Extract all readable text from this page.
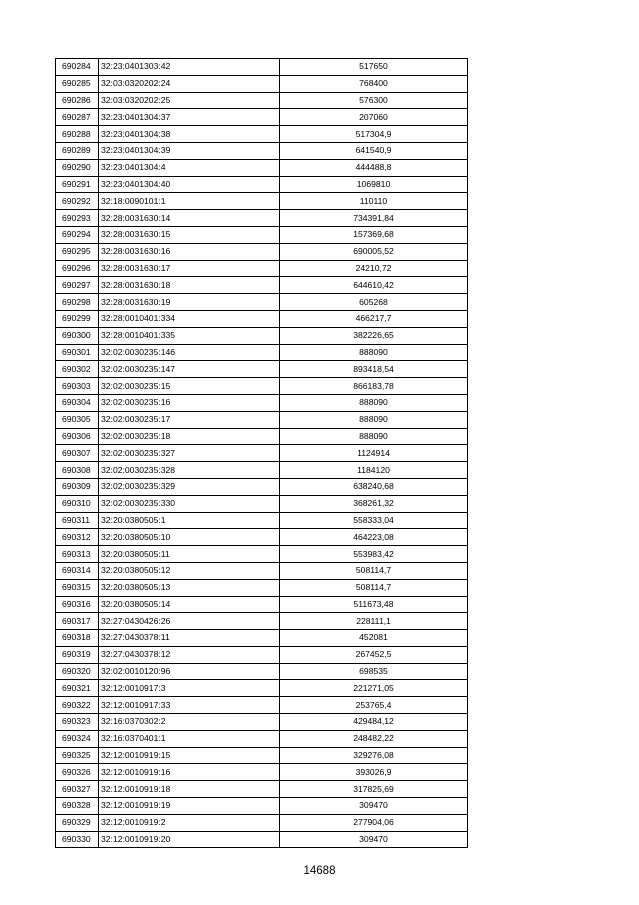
690284	32:23:0401303:42	517650
690285	32:03:0320202:24	768400
690286	32:03:0320202:25	576300
690287	32:23:0401304:37	207060
690288	32:23:0401304:38	517304,9
690289	32:23:0401304:39	641540,9
690290	32:23:0401304:4	444488,8
690291	32:23:0401304:40	1069810
690292	32:18:0090101:1	110110
690293	32:28:0031630:14	734391,84
690294	32:28:0031630:15	157369,68
690295	32:28:0031630:16	690005,52
690296	32:28:0031630:17	24210,72
690297	32:28:0031630:18	644610,42
690298	32:28:0031630:19	605268
690299	32:28:0010401:334	466217,7
690300	32:28:0010401:335	382226,65
690301	32:02:0030235:146	888090
690302	32:02:0030235:147	893418,54
690303	32:02:0030235:15	866183,78
690304	32:02:0030235:16	888090
690305	32:02:0030235:17	888090
690306	32:02:0030235:18	888090
690307	32:02:0030235:327	1124914
690308	32:02:0030235:328	1184120
690309	32:02:0030235:329	638240,68
690310	32:02:0030235:330	368261,32
690311	32:20:0380505:1	558333,04
690312	32:20:0380505:10	464223,08
690313	32:20:0380505:11	553983,42
690314	32:20:0380505:12	508114,7
690315	32:20:0380505:13	508114,7
690316	32:20:0380505:14	511673,48
690317	32:27:0430426:26	228111,1
690318	32:27:0430378:11	452081
690319	32:27:0430378:12	267452,5
690320	32:02:0010120:96	698535
690321	32:12:0010917:3	221271,05
690322	32:12:0010917:33	253765,4
690323	32:16:0370302:2	429484,12
690324	32:16:0370401:1	248482,22
690325	32:12:0010919:15	329276,08
690326	32:12:0010919:16	393026,9
690327	32:12:0010919:18	317825,69
690328	32:12:0010919:19	309470
690329	32:12:0010919:2	277904,06
690330	32:12:0010919:20	309470
14688
